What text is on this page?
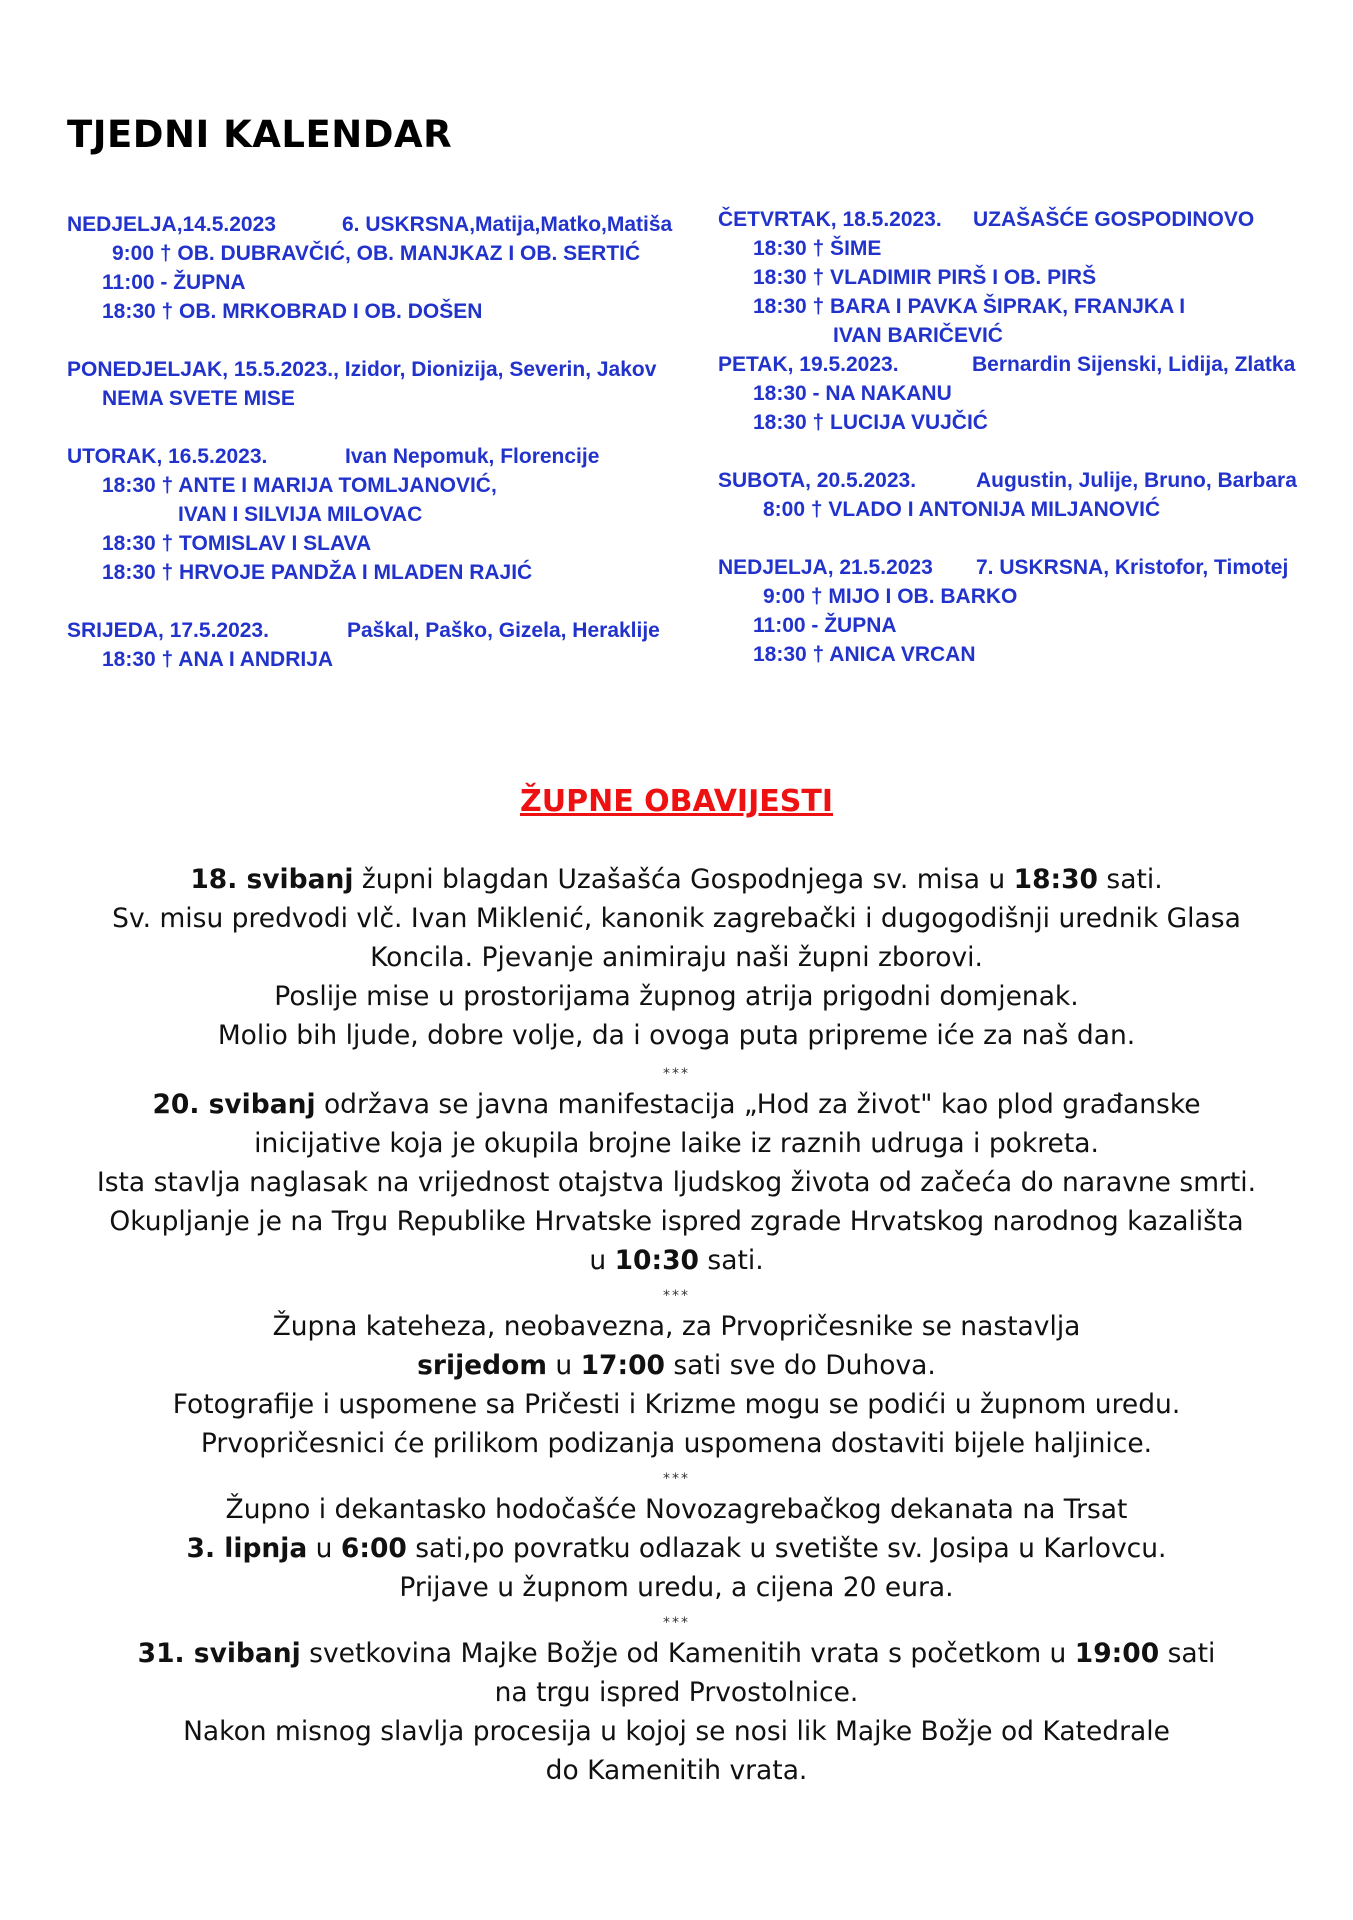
TJEDNI KALENDAR
NEDJELJA,14.5.2023	6. USKRSNA,Matija,Matko,Matiša
9:00 † OB. DUBRAVČIĆ, OB. MANJKAZ I OB. SERTIĆ
11:00 - ŽUPNA
18:30 † OB. MRKOBRAD I OB. DOŠEN
PONEDJELJAK, 15.5.2023., Izidor, Dionizija, Severin, Jakov
NEMA SVETE MISE
UTORAK, 16.5.2023.	Ivan Nepomuk, Florencije
18:30 † ANTE I MARIJA TOMLJANOVIĆ,
IVAN I SILVIJA MILOVAC
18:30 † TOMISLAV I SLAVA
18:30 † HRVOJE PANDŽA I MLADEN RAJIĆ
SRIJEDA, 17.5.2023.	Paškal, Paško, Gizela, Heraklije
18:30 † ANA I ANDRIJA
ČETVRTAK, 18.5.2023. UZAŠAŠĆE GOSPODINOVO
18:30 † ŠIME
18:30 † VLADIMIR PIRŠ I OB. PIRŠ
18:30 † BARA I PAVKA ŠIPRAK, FRANJKA I
IVAN BARIČEVIĆ
PETAK, 19.5.2023.	Bernardin Sijenski, Lidija, Zlatka
18:30 - NA NAKANU
18:30 † LUCIJA VUJČIĆ
SUBOTA, 20.5.2023.	Augustin, Julije, Bruno, Barbara
8:00 † VLADO I ANTONIJA MILJANOVIĆ
NEDJELJA, 21.5.2023 7. USKRSNA, Kristofor, Timotej
9:00 † MIJO I OB. BARKO
11:00 - ŽUPNA
18:30 † ANICA VRCAN
ŽUPNE OBAVIJESTI
18. svibanj župni blagdan Uzašašća Gospodnjega sv. misa u 18:30 sati.
Sv. misu predvodi vlč. Ivan Miklenić, kanonik zagrebački i dugogodišnji urednik Glasa
Koncila. Pjevanje animiraju naši župni zborovi.
Poslije mise u prostorijama župnog atrija prigodni domjenak.
Molio bih ljude, dobre volje, da i ovoga puta pripreme iće za naš dan.
***
20. svibanj održava se javna manifestacija „Hod za život" kao plod građanske
inicijative koja je okupila brojne laike iz raznih udruga i pokreta.
Ista stavlja naglasak na vrijednost otajstva ljudskog života od začeća do naravne smrti.
Okupljanje je na Trgu Republike Hrvatske ispred zgrade Hrvatskog narodnog kazališta
u 10:30 sati.
***
Župna kateheza, neobavezna, za Prvopričesnike se nastavlja
srijedom u 17:00 sati sve do Duhova.
Fotografije i uspomene sa Pričesti i Krizme mogu se podići u župnom uredu.
Prvopričesnici će prilikom podizanja uspomena dostaviti bijele haljinice.
***
Župno i dekantasko hodočašće Novozagrebačkog dekanata na Trsat
3. lipnja u 6:00 sati,po povratku odlazak u svetište sv. Josipa u Karlovcu.
Prijave u župnom uredu, a cijena 20 eura.
***
31. svibanj svetkovina Majke Božje od Kamenitih vrata s početkom u 19:00 sati
na trgu ispred Prvostolnice.
Nakon misnog slavlja procesija u kojoj se nosi lik Majke Božje od Katedrale
do Kamenitih vrata.
